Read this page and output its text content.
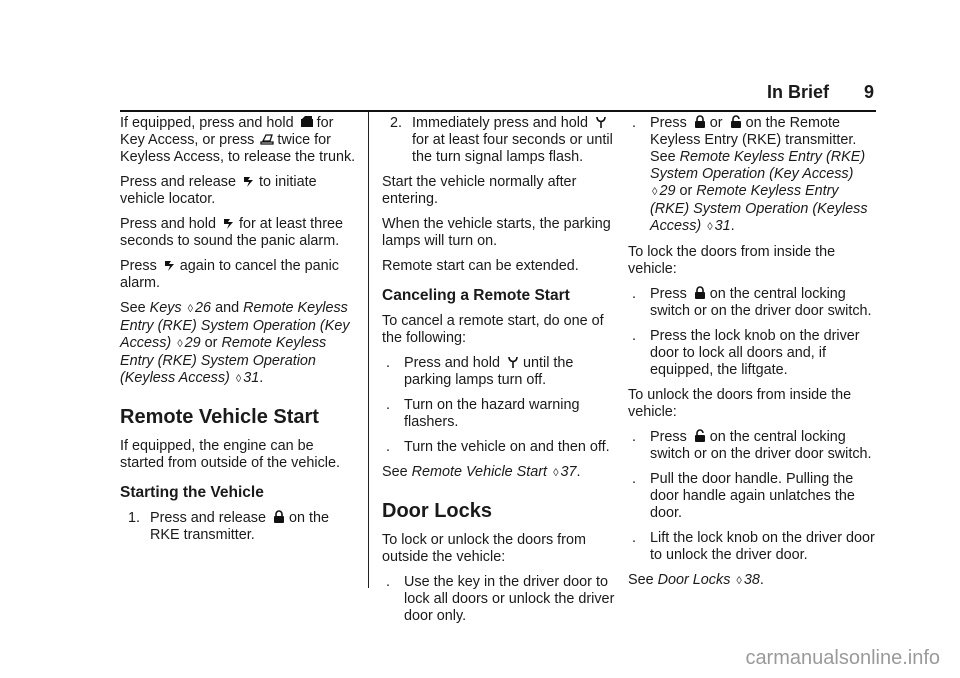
In Brief 9

If equipped, press and hold for Key Access, or press twice for Keyless Access, to release the trunk.

Press and release to initiate vehicle locator.

Press and hold for at least three seconds to sound the panic alarm.

Press again to cancel the panic alarm.

See Keys ◊ 26 and Remote Keyless Entry (RKE) System Operation (Key Access) ◊ 29 or Remote Keyless Entry (RKE) System Operation (Keyless Access) ◊ 31.

Remote Vehicle Start

If equipped, the engine can be started from outside of the vehicle.

Starting the Vehicle
1. Press and release on the RKE transmitter.
2. Immediately press and hold
for at least four seconds or until the turn signal lamps flash.

Start the vehicle normally after entering.

When the vehicle starts, the parking lamps will turn on.

Remote start can be extended.

Canceling a Remote Start

To cancel a remote start, do one of the following:

. Press and hold until the parking lamps turn off.
. Turn on the hazard warning flashers.
. Turn the vehicle on and then off.

See Remote Vehicle Start ◊ 37.

Door Locks

To lock or unlock the doors from outside the vehicle:

. Use the key in the driver door to lock all doors or unlock the driver door only.
. Press or on the Remote Keyless Entry (RKE) transmitter. See Remote Keyless Entry (RKE) System Operation (Key Access) ◊ 29 or Remote Keyless Entry (RKE) System Operation (Keyless Access) ◊ 31.

To lock the doors from inside the vehicle:

. Press on the central locking switch or on the driver door switch.
. Press the lock knob on the driver door to lock all doors and, if equipped, the liftgate.

To unlock the doors from inside the vehicle:

. Press on the central locking switch or on the driver door switch.
. Pull the door handle. Pulling the door handle again unlatches the door.
. Lift the lock knob on the driver door to unlock the driver door.

See Door Locks ◊ 38.

carmanualsonline.info
